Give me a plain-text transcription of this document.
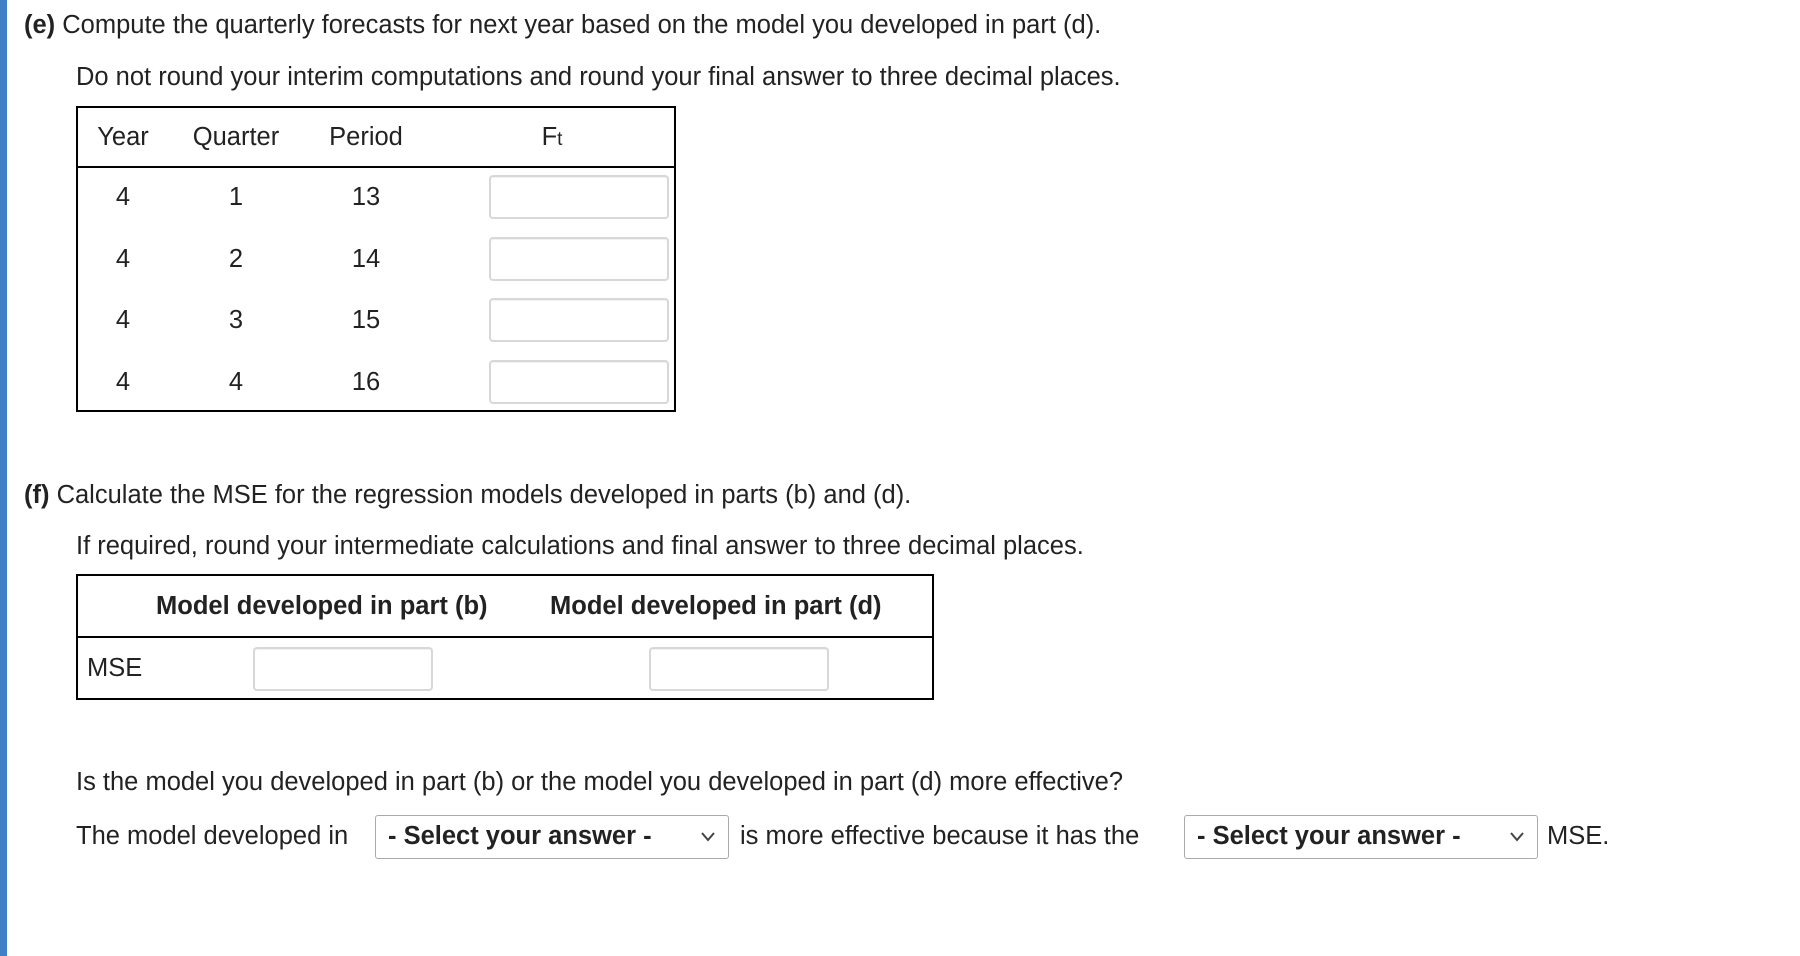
(e) Compute the quarterly forecasts for next year based on the model you developed in part (d).
Do not round your interim computations and round your final answer to three decimal places.
Year Quarter Period	Ft
4	1	13
4	2	14
4	3	15
4	4	16
(f) Calculate the MSE for the regression models developed in parts (b) and (d).
If required, round your intermediate calculations and final answer to three decimal places.
Model developed in part (b) Model developed in part (d)
MSE
Is the model you developed in part (b) or the model you developed in part (d) more effective?
The model developed in	- Select your answer -	is more effective because it has the	- Select your answer -	MSE.
